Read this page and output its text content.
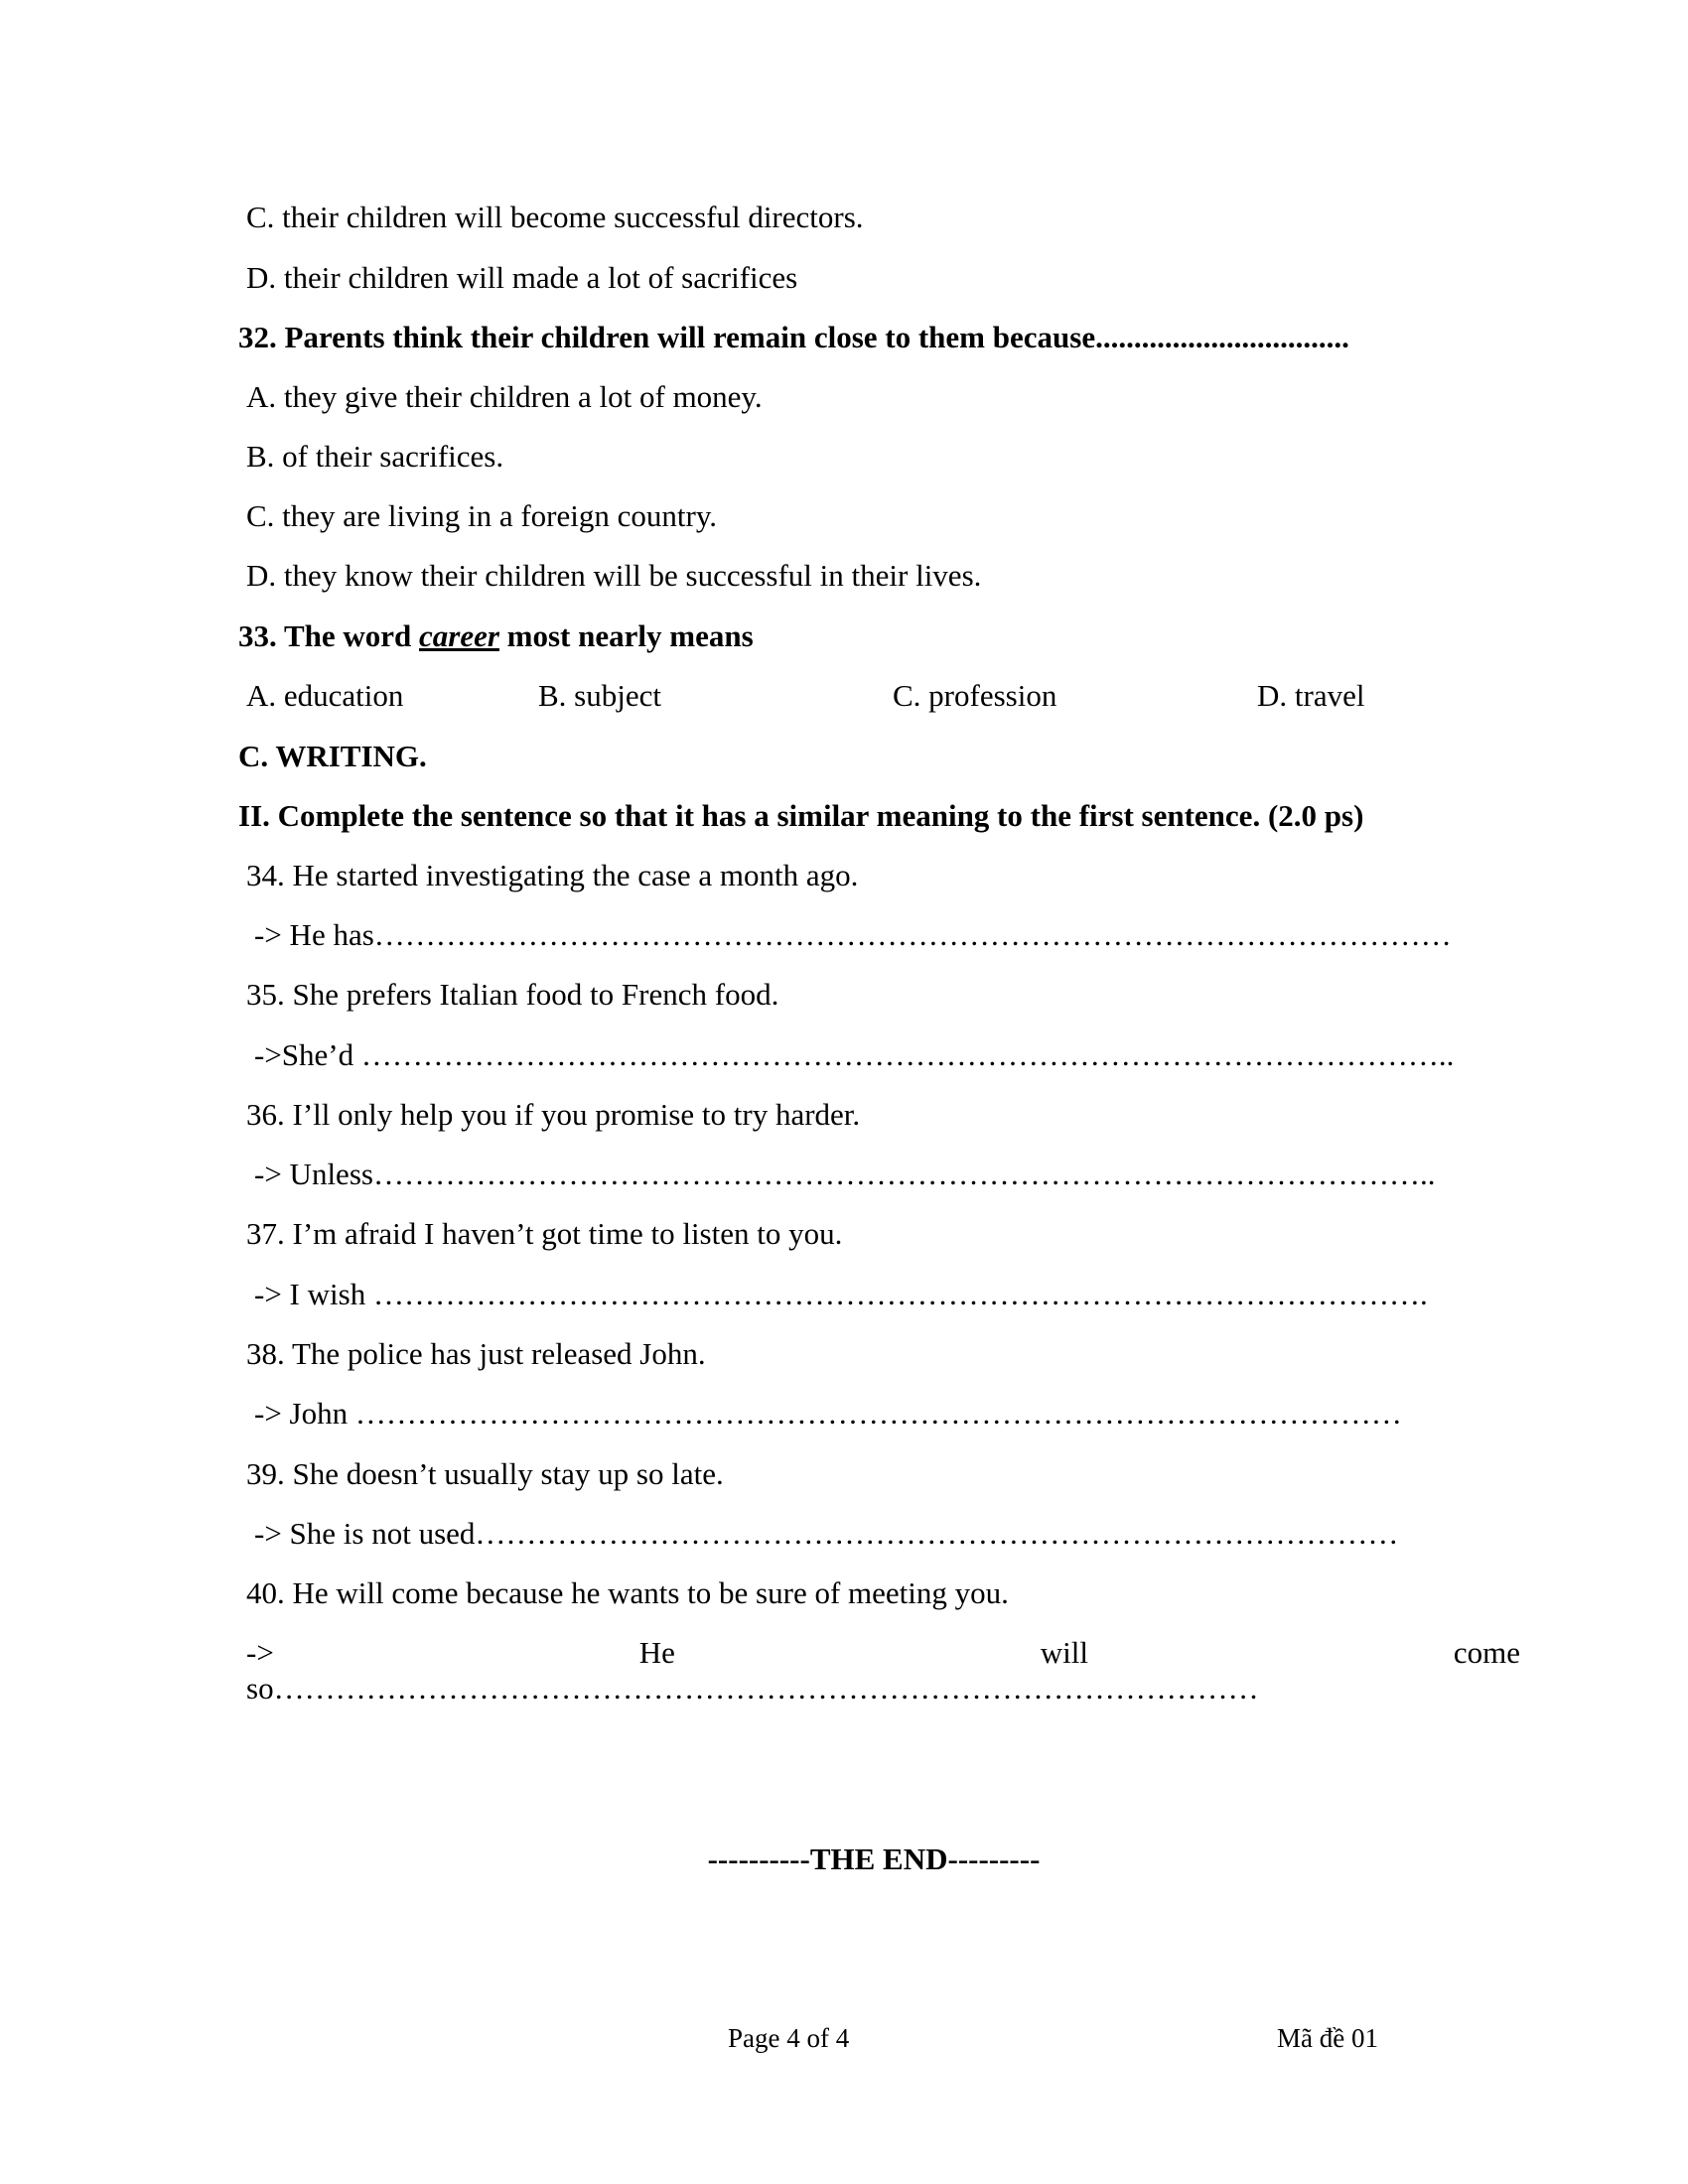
C. their children will become successful directors.
D. their children will made a lot of sacrifices
32. Parents think their children will remain close to them because.................................
A. they give their children a lot of money.
B. of their sacrifices.
C. they are living in a foreign country.
D. they know their children will be successful in their lives.
33. The word career most nearly means
A. education	B. subject	C. profession	D. travel
C. WRITING.
II. Complete the sentence so that it has a similar meaning to the first sentence. (2.0 ps)
34. He started investigating the case a month ago.
-> He has……………………………………………………………………………………………
35. She prefers Italian food to French food.
->She’d ……………………………………………………………………………………………..
36. I’ll only help you if you promise to try harder.
-> Unless…………………………………………………………………………………………..
37. I’m afraid I haven’t got time to listen to you.
-> I wish ………………………………………………………………………………………….
38. The police has just released John.
-> John …………………………………………………………………………………………
39. She doesn’t usually stay up so late.
-> She is not used………………………………………………………………………………
40. He will come because he wants to be sure of meeting you.
->	He	will	come
so……………………………………………………………………………………
----------THE END---------
Page 4 of 4	Mã đề 01
